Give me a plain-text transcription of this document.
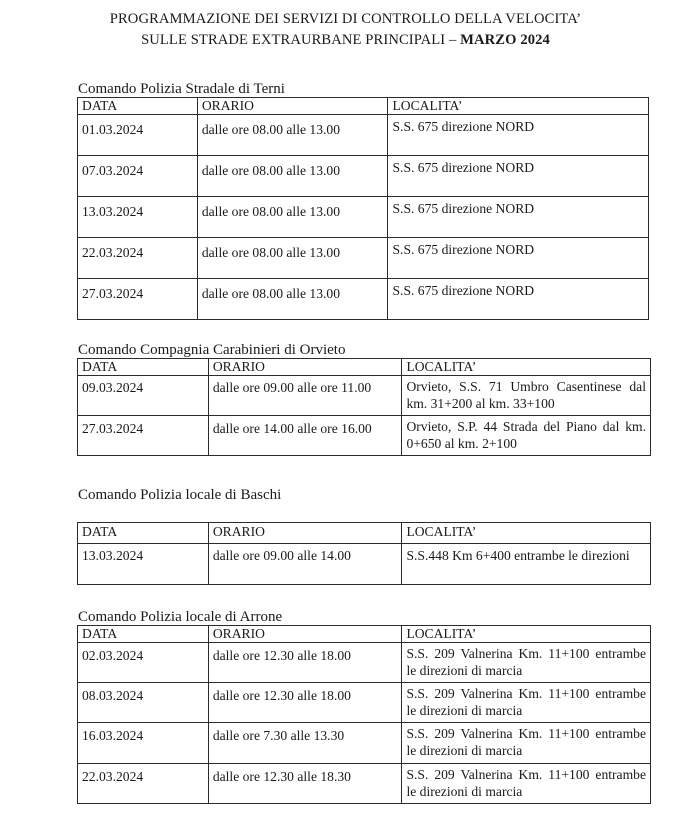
PROGRAMMAZIONE DEI SERVIZI DI CONTROLLO DELLA VELOCITA’
SULLE STRADE EXTRAURBANE PRINCIPALI – MARZO 2024
Comando Polizia Stradale di Terni
DATA	ORARIO	LOCALITA’
01.03.2024	dalle ore 08.00 alle 13.00	S.S. 675 direzione NORD
07.03.2024	dalle ore 08.00 alle 13.00	S.S. 675 direzione NORD
13.03.2024	dalle ore 08.00 alle 13.00	S.S. 675 direzione NORD
22.03.2024	dalle ore 08.00 alle 13.00	S.S. 675 direzione NORD
27.03.2024	dalle ore 08.00 alle 13.00	S.S. 675 direzione NORD
Comando Compagnia Carabinieri di Orvieto
DATA	ORARIO	LOCALITA’
09.03.2024	dalle ore 09.00 alle ore 11.00	Orvieto, S.S. 71 Umbro Casentinese dal km. 31+200 al km. 33+100
27.03.2024	dalle ore 14.00 alle ore 16.00	Orvieto, S.P. 44 Strada del Piano dal km. 0+650 al km. 2+100
Comando Polizia locale di Baschi
DATA	ORARIO	LOCALITA’
13.03.2024	dalle ore 09.00 alle 14.00	S.S.448 Km 6+400 entrambe le direzioni
Comando Polizia locale di Arrone
DATA	ORARIO	LOCALITA’
02.03.2024	dalle ore 12.30 alle 18.00	S.S. 209 Valnerina Km. 11+100 entrambe le direzioni di marcia
08.03.2024	dalle ore 12.30 alle 18.00	S.S. 209 Valnerina Km. 11+100 entrambe le direzioni di marcia
16.03.2024	dalle ore 7.30 alle 13.30	S.S. 209 Valnerina Km. 11+100 entrambe le direzioni di marcia
22.03.2024	dalle ore 12.30 alle 18.30	S.S. 209 Valnerina Km. 11+100 entrambe le direzioni di marcia
